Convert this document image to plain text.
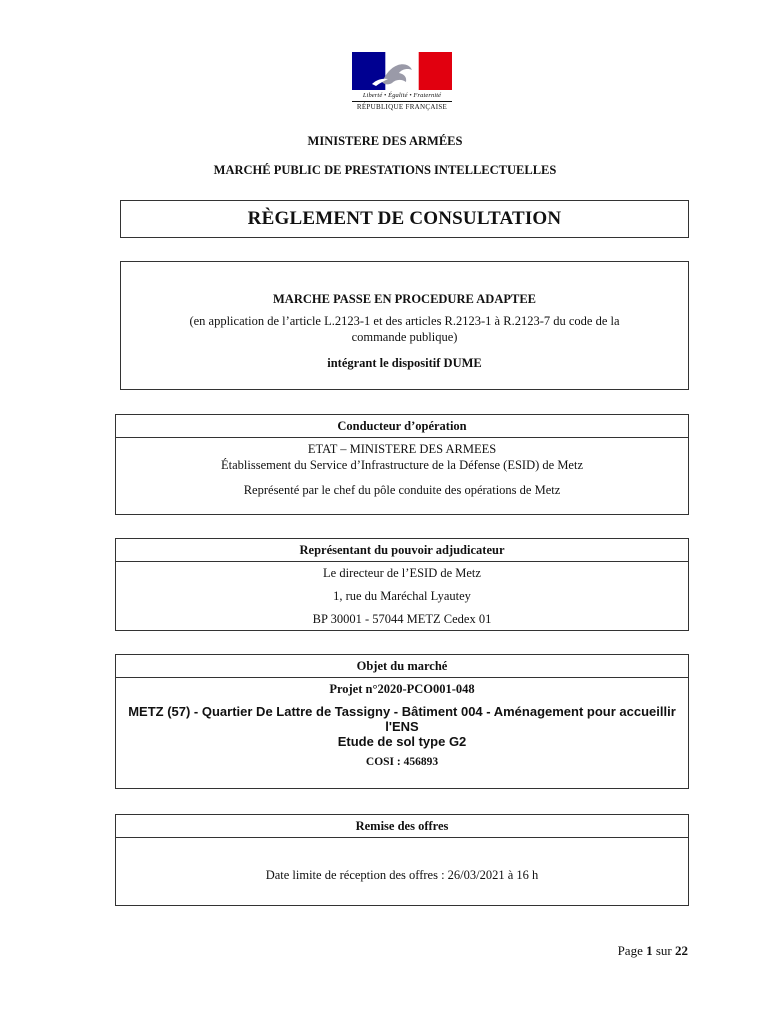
Liberté • Égalité • Fraternité
RÉPUBLIQUE FRANÇAISE
MINISTERE DES ARMÉES
MARCHÉ PUBLIC DE PRESTATIONS INTELLECTUELLES
RÈGLEMENT DE CONSULTATION
MARCHE PASSE EN PROCEDURE ADAPTEE
(en application de l’article L.2123-1 et des articles R.2123-1 à R.2123-7 du code de la commande publique)
intégrant le dispositif DUME
Conducteur d’opération
ETAT – MINISTERE DES ARMEES
Établissement du Service d’Infrastructure de la Défense (ESID) de Metz
Représenté par le chef du pôle conduite des opérations de Metz
Représentant du pouvoir adjudicateur
Le directeur de l’ESID de Metz
1, rue du Maréchal Lyautey
BP 30001 - 57044 METZ Cedex 01
Objet du marché
Projet n°2020-PCO001-048
METZ (57) - Quartier De Lattre de Tassigny - Bâtiment 004 - Aménagement pour accueillir l'ENS
Etude de sol type G2
COSI : 456893
Remise des offres
Date limite de réception des offres : 26/03/2021 à 16 h
Page 1 sur 22
